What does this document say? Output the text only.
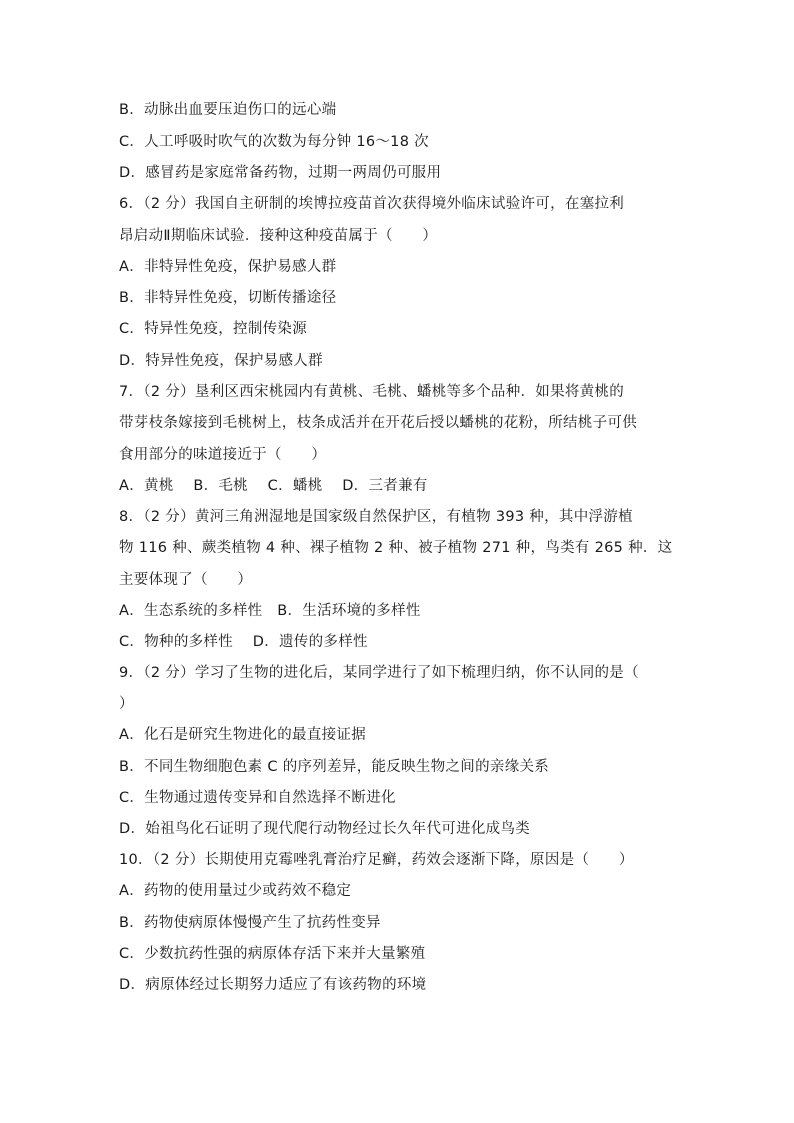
B．动脉出血要压迫伤口的远心端
C．人工呼吸时吹气的次数为每分钟 16～18 次
D．感冒药是家庭常备药物，过期一两周仍可服用
6．（2 分）我国自主研制的埃博拉疫苗首次获得境外临床试验许可，在塞拉利
昂启动Ⅱ期临床试验．接种这种疫苗属于（　　）
A．非特异性免疫，保护易感人群
B．非特异性免疫，切断传播途径
C．特异性免疫，控制传染源
D．特异性免疫，保护易感人群
7．（2 分）垦利区西宋桃园内有黄桃、毛桃、蟠桃等多个品种．如果将黄桃的
带芽枝条嫁接到毛桃树上，枝条成活并在开花后授以蟠桃的花粉，所结桃子可供
食用部分的味道接近于（　　）
A．黄桃　 B．毛桃　 C．蟠桃　 D．三者兼有
8．（2 分）黄河三角洲湿地是国家级自然保护区，有植物 393 种，其中浮游植
物 116 种、蕨类植物 4 种、裸子植物 2 种、被子植物 271 种，鸟类有 265 种．这
主要体现了（　　）
A．生态系统的多样性　B．生活环境的多样性
C．物种的多样性　 D．遗传的多样性
9．（2 分）学习了生物的进化后，某同学进行了如下梳理归纳，你不认同的是（
）
A．化石是研究生物进化的最直接证据
B．不同生物细胞色素 C 的序列差异，能反映生物之间的亲缘关系
C．生物通过遗传变异和自然选择不断进化
D．始祖鸟化石证明了现代爬行动物经过长久年代可进化成鸟类
10．（2 分）长期使用克霉唑乳膏治疗足癣，药效会逐渐下降，原因是（　　）
A．药物的使用量过少或药效不稳定
B．药物使病原体慢慢产生了抗药性变异
C．少数抗药性强的病原体存活下来并大量繁殖
D．病原体经过长期努力适应了有该药物的环境
